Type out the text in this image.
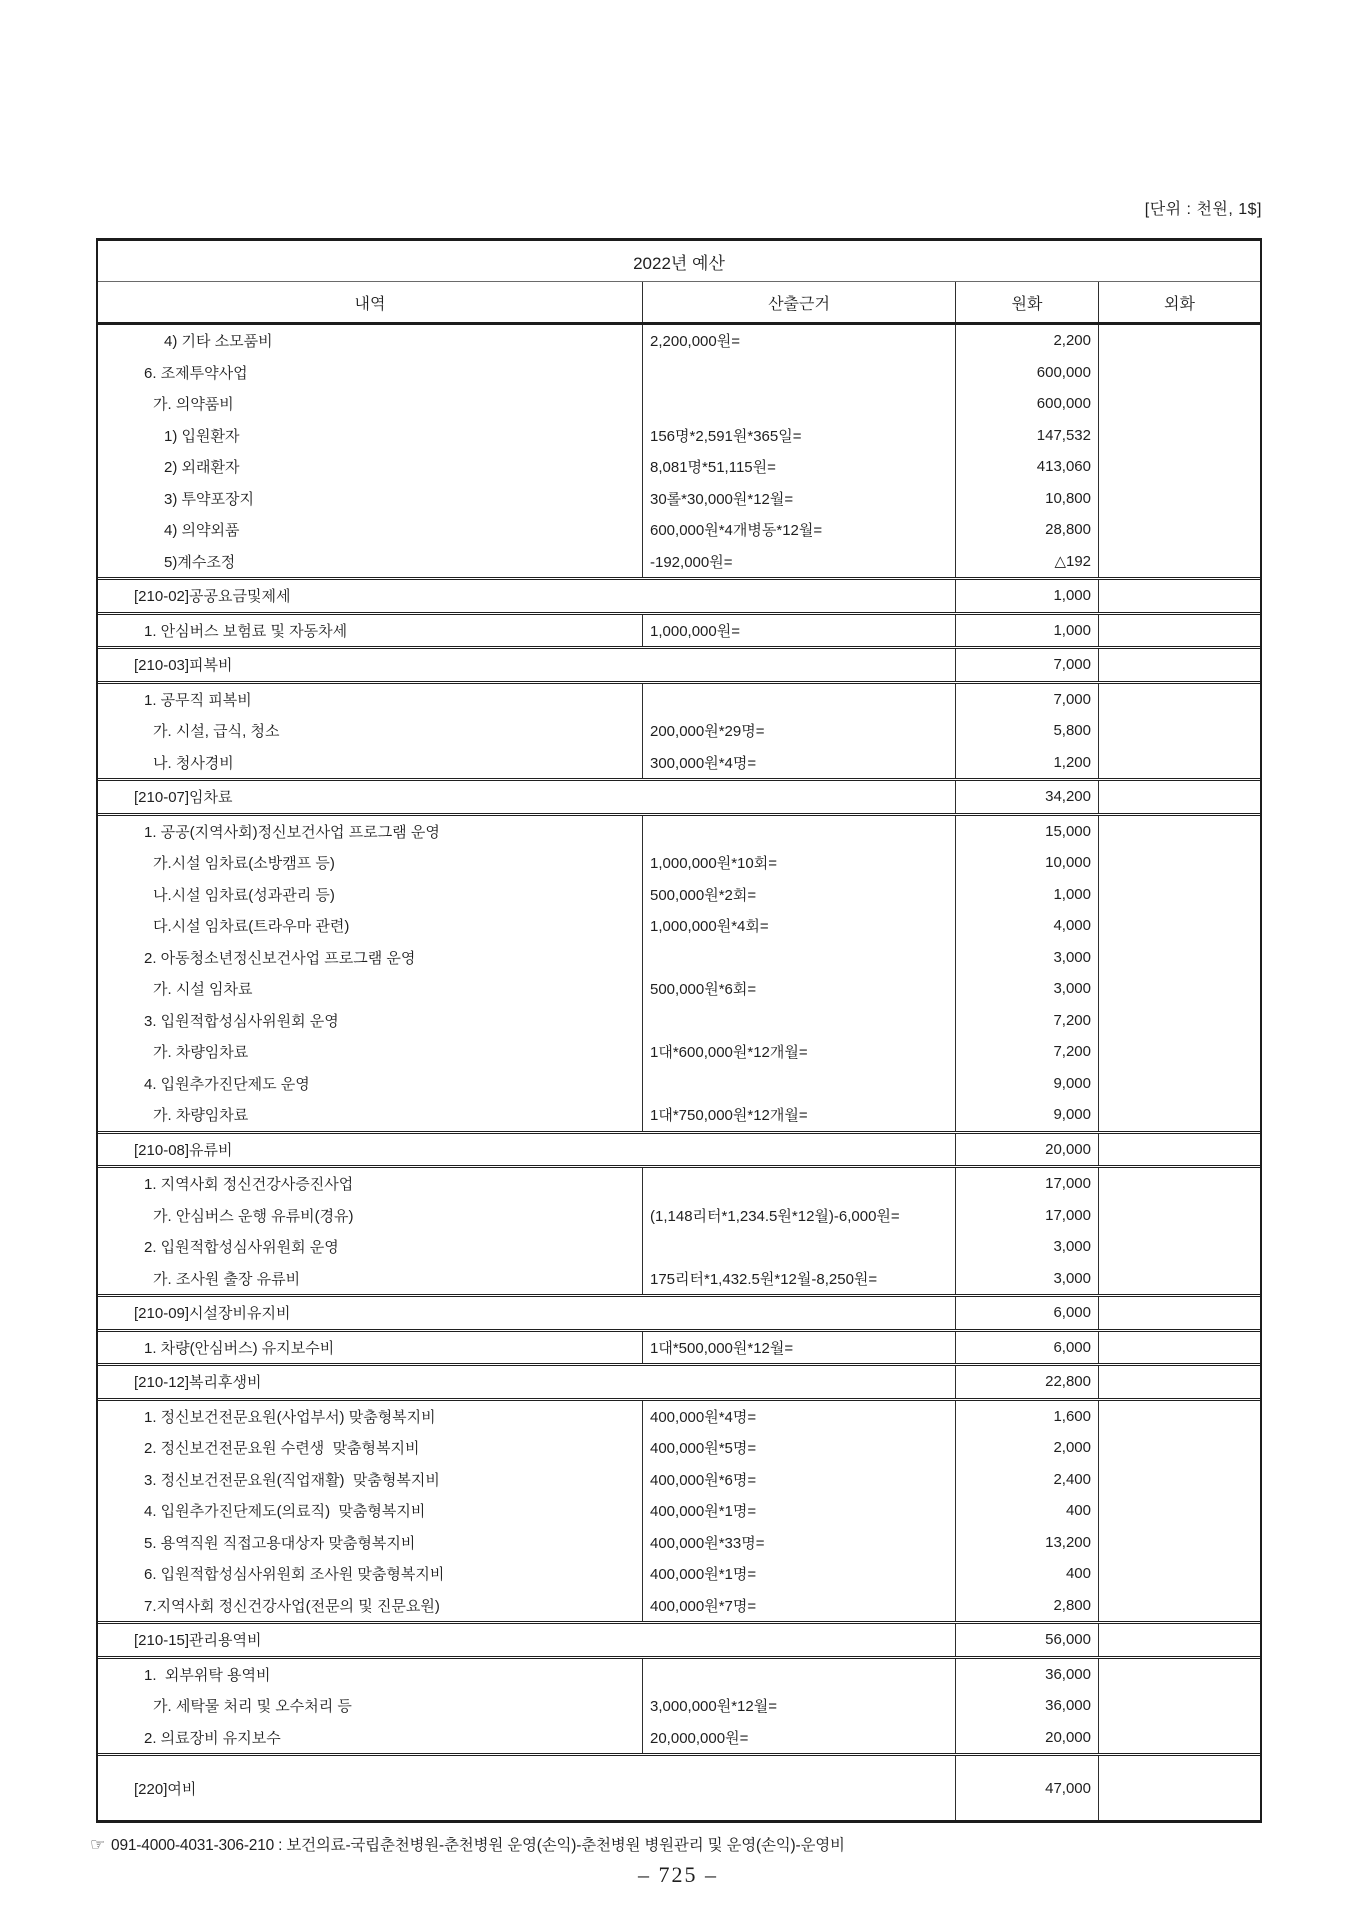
[단위 : 천원, 1$]
2022년 예산
내역	산출근거	원화	외화
4) 기타 소모품비	2,200,000원=	2,200
6. 조제투약사업	600,000
가. 의약품비	600,000
1) 입원환자	156명*2,591원*365일=	147,532
2) 외래환자	8,081명*51,115원=	413,060
3) 투약포장지	30롤*30,000원*12월=	10,800
4) 의약외품	600,000원*4개병동*12월=	28,800
5)계수조정	-192,000원=	△192
[210-02]공공요금및제세	1,000
1. 안심버스 보험료 및 자동차세	1,000,000원=	1,000
[210-03]피복비	7,000
1. 공무직 피복비	7,000
가. 시설, 급식, 청소	200,000원*29명=	5,800
나. 청사경비	300,000원*4명=	1,200
[210-07]임차료	34,200
1. 공공(지역사회)정신보건사업 프로그램 운영	15,000
가.시설 임차료(소방캠프 등)	1,000,000원*10회=	10,000
나.시설 임차료(성과관리 등)	500,000원*2회=	1,000
다.시설 임차료(트라우마 관련)	1,000,000원*4회=	4,000
2. 아동청소년정신보건사업 프로그램 운영	3,000
가. 시설 임차료	500,000원*6회=	3,000
3. 입원적합성심사위원회 운영	7,200
가. 차량임차료	1대*600,000원*12개월=	7,200
4. 입원추가진단제도 운영	9,000
가. 차량임차료	1대*750,000원*12개월=	9,000
[210-08]유류비	20,000
1. 지역사회 정신건강사증진사업	17,000
가. 안심버스 운행 유류비(경유)	(1,148리터*1,234.5원*12월)-6,000원=	17,000
2. 입원적합성심사위원회 운영	3,000
가. 조사원 출장 유류비	175리터*1,432.5원*12월-8,250원=	3,000
[210-09]시설장비유지비	6,000
1. 차량(안심버스) 유지보수비	1대*500,000원*12월=	6,000
[210-12]복리후생비	22,800
1. 정신보건전문요원(사업부서) 맞춤형복지비	400,000원*4명=	1,600
2. 정신보건전문요원 수련생  맞춤형복지비	400,000원*5명=	2,000
3. 정신보건전문요원(직업재활)  맞춤형복지비	400,000원*6명=	2,400
4. 입원추가진단제도(의료직)  맞춤형복지비	400,000원*1명=	400
5. 용역직원 직접고용대상자 맞춤형복지비	400,000원*33명=	13,200
6. 입원적합성심사위원회 조사원 맞춤형복지비	400,000원*1명=	400
7.지역사회 정신건강사업(전문의 및 진문요원)	400,000원*7명=	2,800
[210-15]관리용역비	56,000
1.  외부위탁 용역비	36,000
가. 세탁물 처리 및 오수처리 등	3,000,000원*12월=	36,000
2. 의료장비 유지보수	20,000,000원=	20,000
[220]여비	47,000
☞ 091-4000-4031-306-210 : 보건의료-국립춘천병원-춘천병원 운영(손익)-춘천병원 병원관리 및 운영(손익)-운영비
– 725 –
